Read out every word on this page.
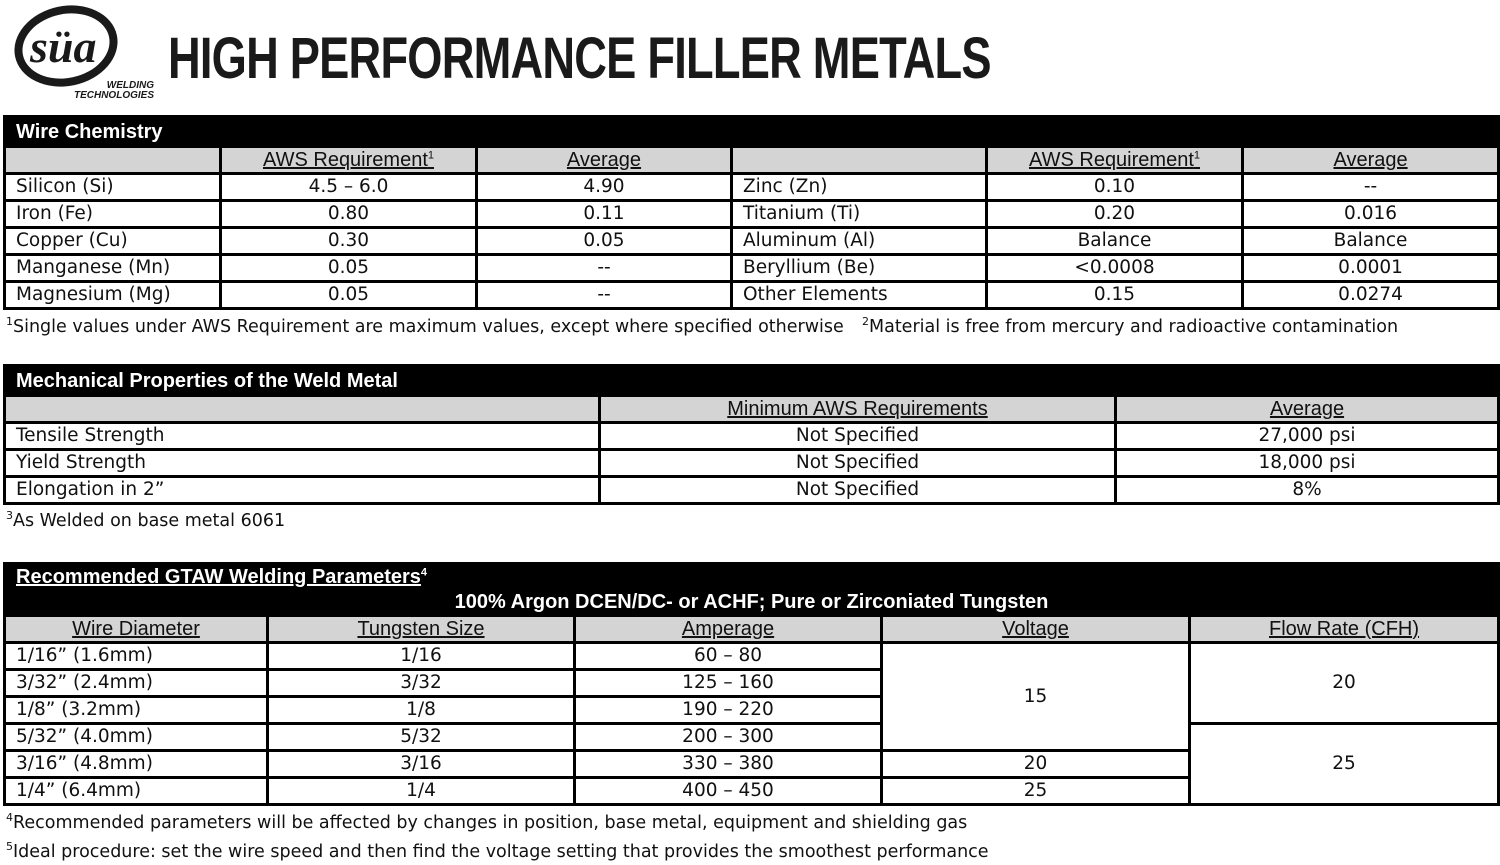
süa
WELDING
TECHNOLOGIES
HIGH PERFORMANCE FILLER METALS
Wire Chemistry					
	AWS Requirement$^1$	Average		AWS Requirement$^1$	Average
Silicon (Si)	4.5 – 6.0	4.90	Zinc (Zn)	0.10	--
Iron (Fe)	0.80	0.11	Titanium (Ti)	0.20	0.016
Copper (Cu)	0.30	0.05	Aluminum (Al)	Balance	Balance
Manganese (Mn)	0.05	--	Beryllium (Be)	<0.0008	0.0001
Magnesium (Mg)	0.05	--	Other Elements	0.15	0.0274
$^1$Single values under AWS Requirement are maximum values, except where specified otherwise $^2$Material is free from mercury and radioactive contamination
Mechanical Properties of the Weld Metal		
	Minimum AWS Requirements	Average
Tensile Strength	Not Specified	27,000 psi
Yield Strength	Not Specified	18,000 psi
Elongation in 2”	Not Specified	8%
$^3$As Welded on base metal 6061
Recommended GTAW Welding Parameters$^4$
100% Argon DCEN/DC- or ACHF; Pure or Zirconiated Tungsten				
Wire Diameter	Tungsten Size	Amperage	Voltage	Flow Rate (CFH)
1/16” (1.6mm)	1/16	60 – 80	15	20
3/32” (2.4mm)	3/32	125 – 160		
1/8” (3.2mm)	1/8	190 – 220		
5/32” (4.0mm)	5/32	200 – 300		25
3/16” (4.8mm)	3/16	330 – 380	20	
1/4” (6.4mm)	1/4	400 – 450	25	
$^4$Recommended parameters will be affected by changes in position, base metal, equipment and shielding gas
$^5$Ideal procedure: set the wire speed and then find the voltage setting that provides the smoothest performance
